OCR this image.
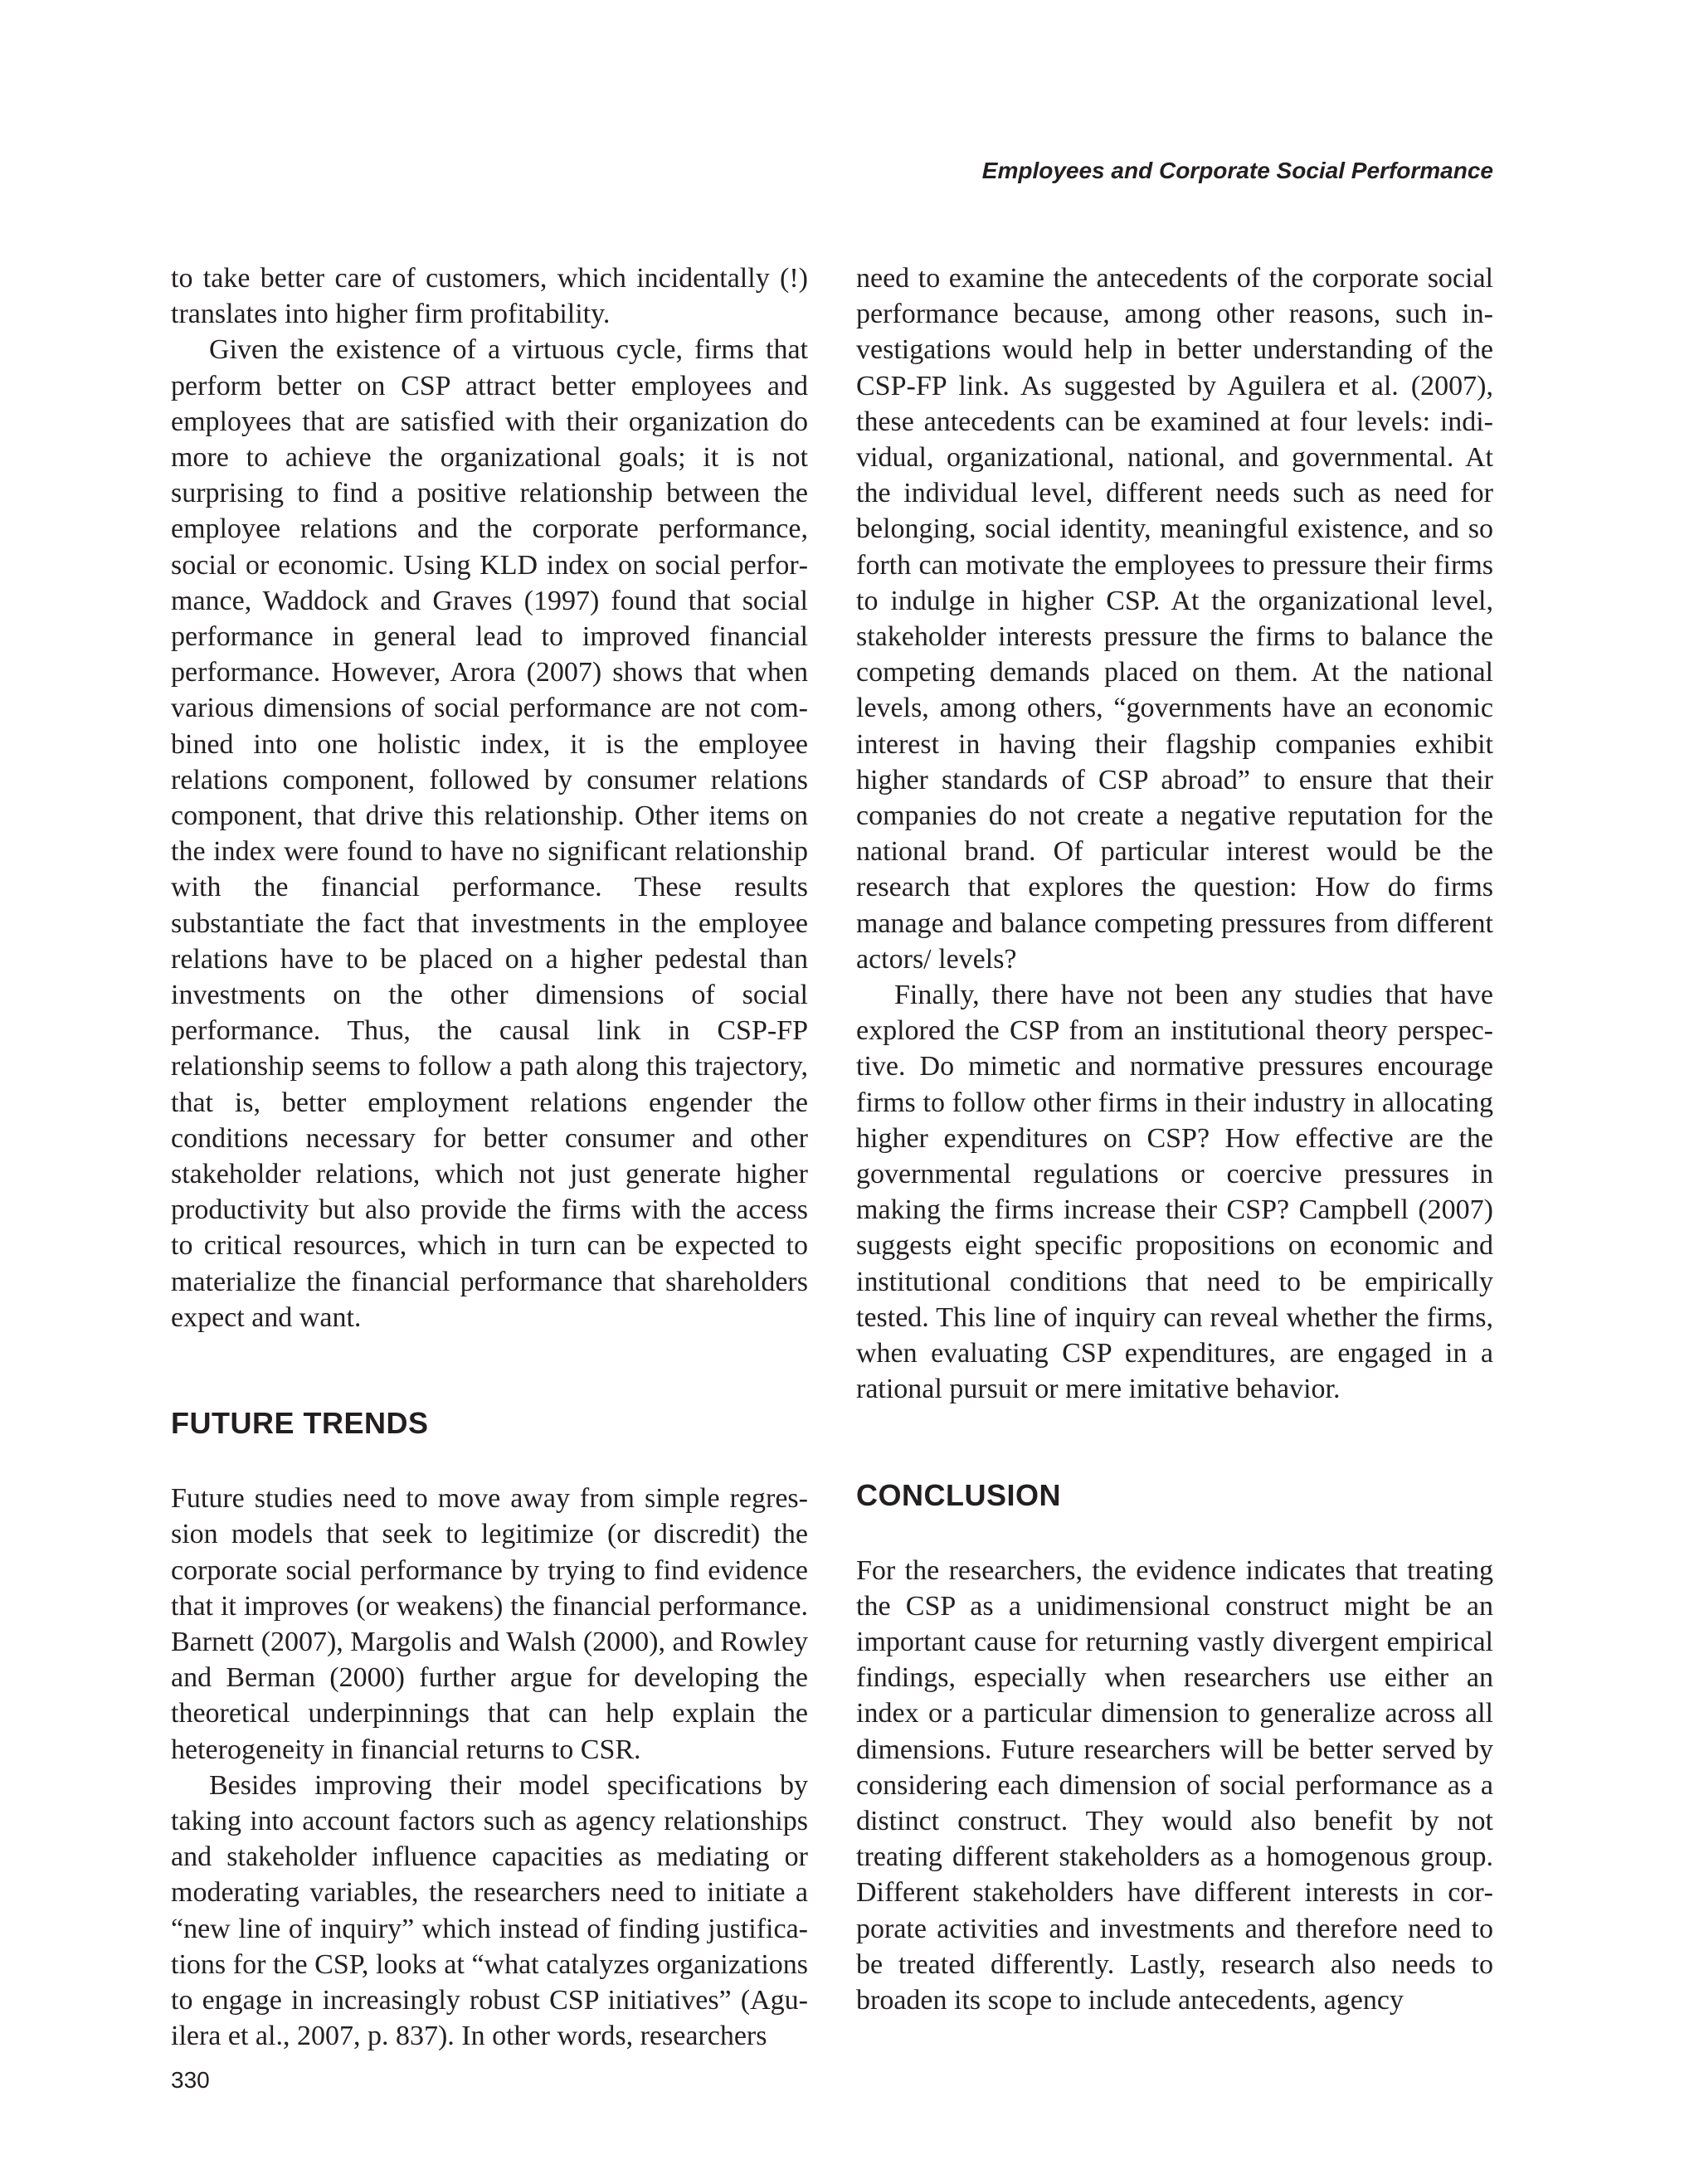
Employees and Corporate Social Performance

to take better care of customers, which incidentally (!) translates into higher firm profitability.

Given the existence of a virtuous cycle, firms that perform better on CSP attract better employees and employees that are satisfied with their organization do more to achieve the organizational goals; it is not surprising to find a positive relationship between the employee relations and the corporate performance, social or economic. Using KLD index on social performance, Waddock and Graves (1997) found that social performance in general lead to improved financial performance. However, Arora (2007) shows that when various dimensions of social performance are not combined into one holistic index, it is the employee relations component, followed by consumer relations component, that drive this relationship. Other items on the index were found to have no significant relationship with the financial performance. These results substantiate the fact that investments in the employee relations have to be placed on a higher pedestal than investments on the other dimensions of social performance. Thus, the causal link in CSP-FP relationship seems to follow a path along this trajectory, that is, better employment relations engender the conditions necessary for better consumer and other stakeholder relations, which not just generate higher productivity but also provide the firms with the access to critical resources, which in turn can be expected to materialize the financial performance that shareholders expect and want.

FUTURE TRENDS

Future studies need to move away from simple regression models that seek to legitimize (or discredit) the corporate social performance by trying to find evidence that it improves (or weakens) the financial performance. Barnett (2007), Margolis and Walsh (2000), and Rowley and Berman (2000) further argue for developing the theoretical underpinnings that can help explain the heterogeneity in financial returns to CSR.

Besides improving their model specifications by taking into account factors such as agency relationships and stakeholder influence capacities as mediating or moderating variables, the researchers need to initiate a “new line of inquiry” which instead of finding justifications for the CSP, looks at “what catalyzes organizations to engage in increasingly robust CSP initiatives” (Aguilera et al., 2007, p. 837). In other words, researchers

need to examine the antecedents of the corporate social performance because, among other reasons, such investigations would help in better understanding of the CSP-FP link. As suggested by Aguilera et al. (2007), these antecedents can be examined at four levels: individual, organizational, national, and governmental. At the individual level, different needs such as need for belonging, social identity, meaningful existence, and so forth can motivate the employees to pressure their firms to indulge in higher CSP. At the organizational level, stakeholder interests pressure the firms to balance the competing demands placed on them. At the national levels, among others, “governments have an economic interest in having their flagship companies exhibit higher standards of CSP abroad” to ensure that their companies do not create a negative reputation for the national brand. Of particular interest would be the research that explores the question: How do firms manage and balance competing pressures from different actors/ levels?

Finally, there have not been any studies that have explored the CSP from an institutional theory perspective. Do mimetic and normative pressures encourage firms to follow other firms in their industry in allocating higher expenditures on CSP? How effective are the governmental regulations or coercive pressures in making the firms increase their CSP? Campbell (2007) suggests eight specific propositions on economic and institutional conditions that need to be empirically tested. This line of inquiry can reveal whether the firms, when evaluating CSP expenditures, are engaged in a rational pursuit or mere imitative behavior.

CONCLUSION

For the researchers, the evidence indicates that treating the CSP as a unidimensional construct might be an important cause for returning vastly divergent empirical findings, especially when researchers use either an index or a particular dimension to generalize across all dimensions. Future researchers will be better served by considering each dimension of social performance as a distinct construct. They would also benefit by not treating different stakeholders as a homogenous group. Different stakeholders have different interests in corporate activities and investments and therefore need to be treated differently. Lastly, research also needs to broaden its scope to include antecedents, agency

330
